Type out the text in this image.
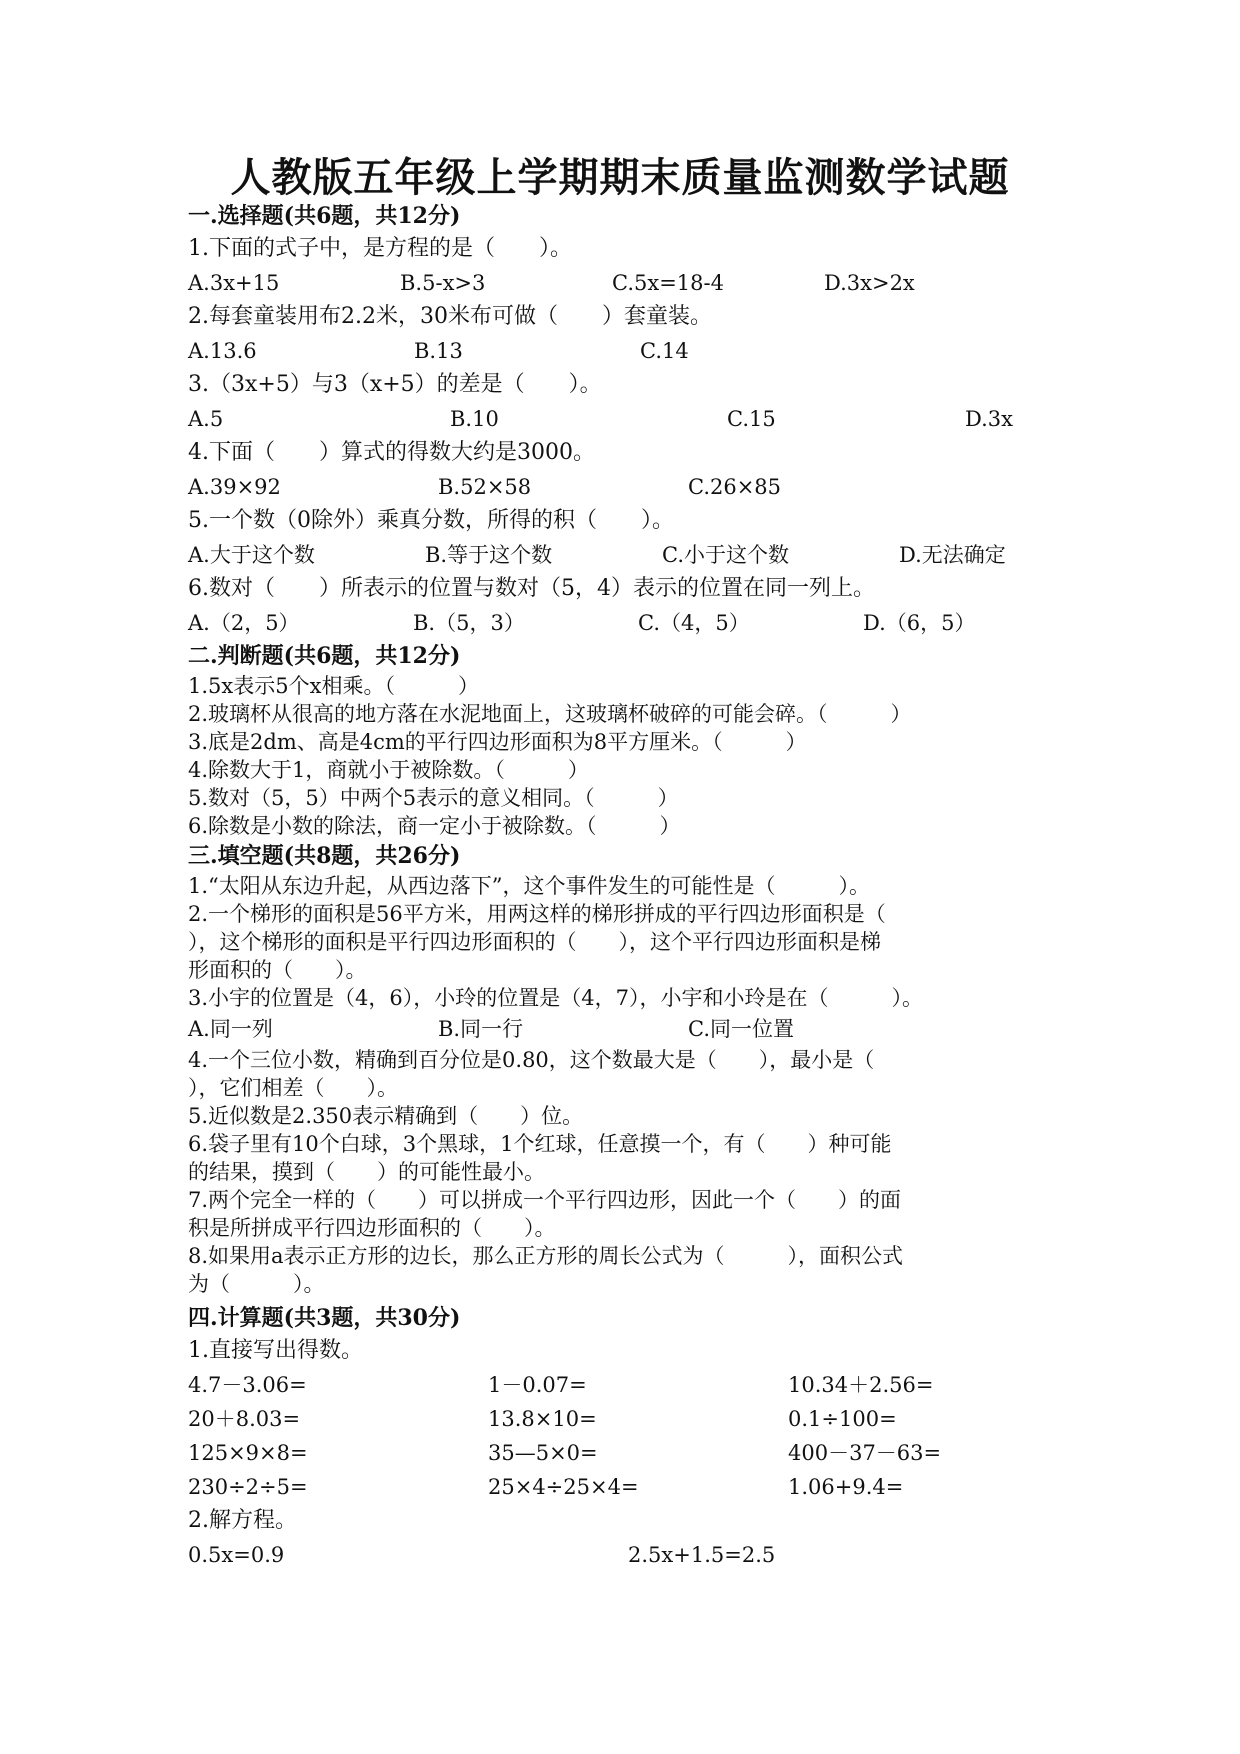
人教版五年级上学期期末质量监测数学试题
一.选择题(共6题，共12分)
1.下面的式子中，是方程的是（　　）。
A.3x+15	B.5-x>3	C.5x=18-4	D.3x>2x
2.每套童装用布2.2米，30米布可做（　　）套童装。
A.13.6	B.13	C.14
3.（3x+5）与3（x+5）的差是（　　）。
A.5	B.10	C.15	D.3x
4.下面（　　）算式的得数大约是3000。
A.39×92	B.52×58	C.26×85
5.一个数（0除外）乘真分数，所得的积（　　）。
A.大于这个数	B.等于这个数	C.小于这个数	D.无法确定
6.数对（　　）所表示的位置与数对（5，4）表示的位置在同一列上。
A.（2，5）	B.（5，3）	C.（4，5）	D.（6，5）
二.判断题(共6题，共12分)
1.5x表示5个x相乘。（　　　）
2.玻璃杯从很高的地方落在水泥地面上，这玻璃杯破碎的可能会碎。（　　　）
3.底是2dm、高是4cm的平行四边形面积为8平方厘米。（　　　）
4.除数大于1，商就小于被除数。（　　　）
5.数对（5，5）中两个5表示的意义相同。（　　　）
6.除数是小数的除法，商一定小于被除数。（　　　）
三.填空题(共8题，共26分)
1.“太阳从东边升起，从西边落下”，这个事件发生的可能性是（　　　）。
2.一个梯形的面积是56平方米，用两这样的梯形拼成的平行四边形面积是（
），这个梯形的面积是平行四边形面积的（　　），这个平行四边形面积是梯
形面积的（　　）。
3.小宇的位置是（4，6），小玲的位置是（4，7），小宇和小玲是在（　　　）。
A.同一列	B.同一行	C.同一位置
4.一个三位小数，精确到百分位是0.80，这个数最大是（　　），最小是（
），它们相差（　　）。
5.近似数是2.350表示精确到（　　）位。
6.袋子里有10个白球，3个黑球，1个红球，任意摸一个，有（　　）种可能
的结果，摸到（　　）的可能性最小。
7.两个完全一样的（　　）可以拼成一个平行四边形，因此一个（　　）的面
积是所拼成平行四边形面积的（　　）。
8.如果用a表示正方形的边长，那么正方形的周长公式为（　　　），面积公式
为（　　　）。
四.计算题(共3题，共30分)
1.直接写出得数。
4.7－3.06=	1－0.07=	10.34＋2.56=
20＋8.03=	13.8×10=	0.1÷100=
125×9×8=	35—5×0=	400－37－63=
230÷2÷5=	25×4÷25×4=	1.06+9.4=
2.解方程。
0.5x=0.9	2.5x+1.5=2.5
